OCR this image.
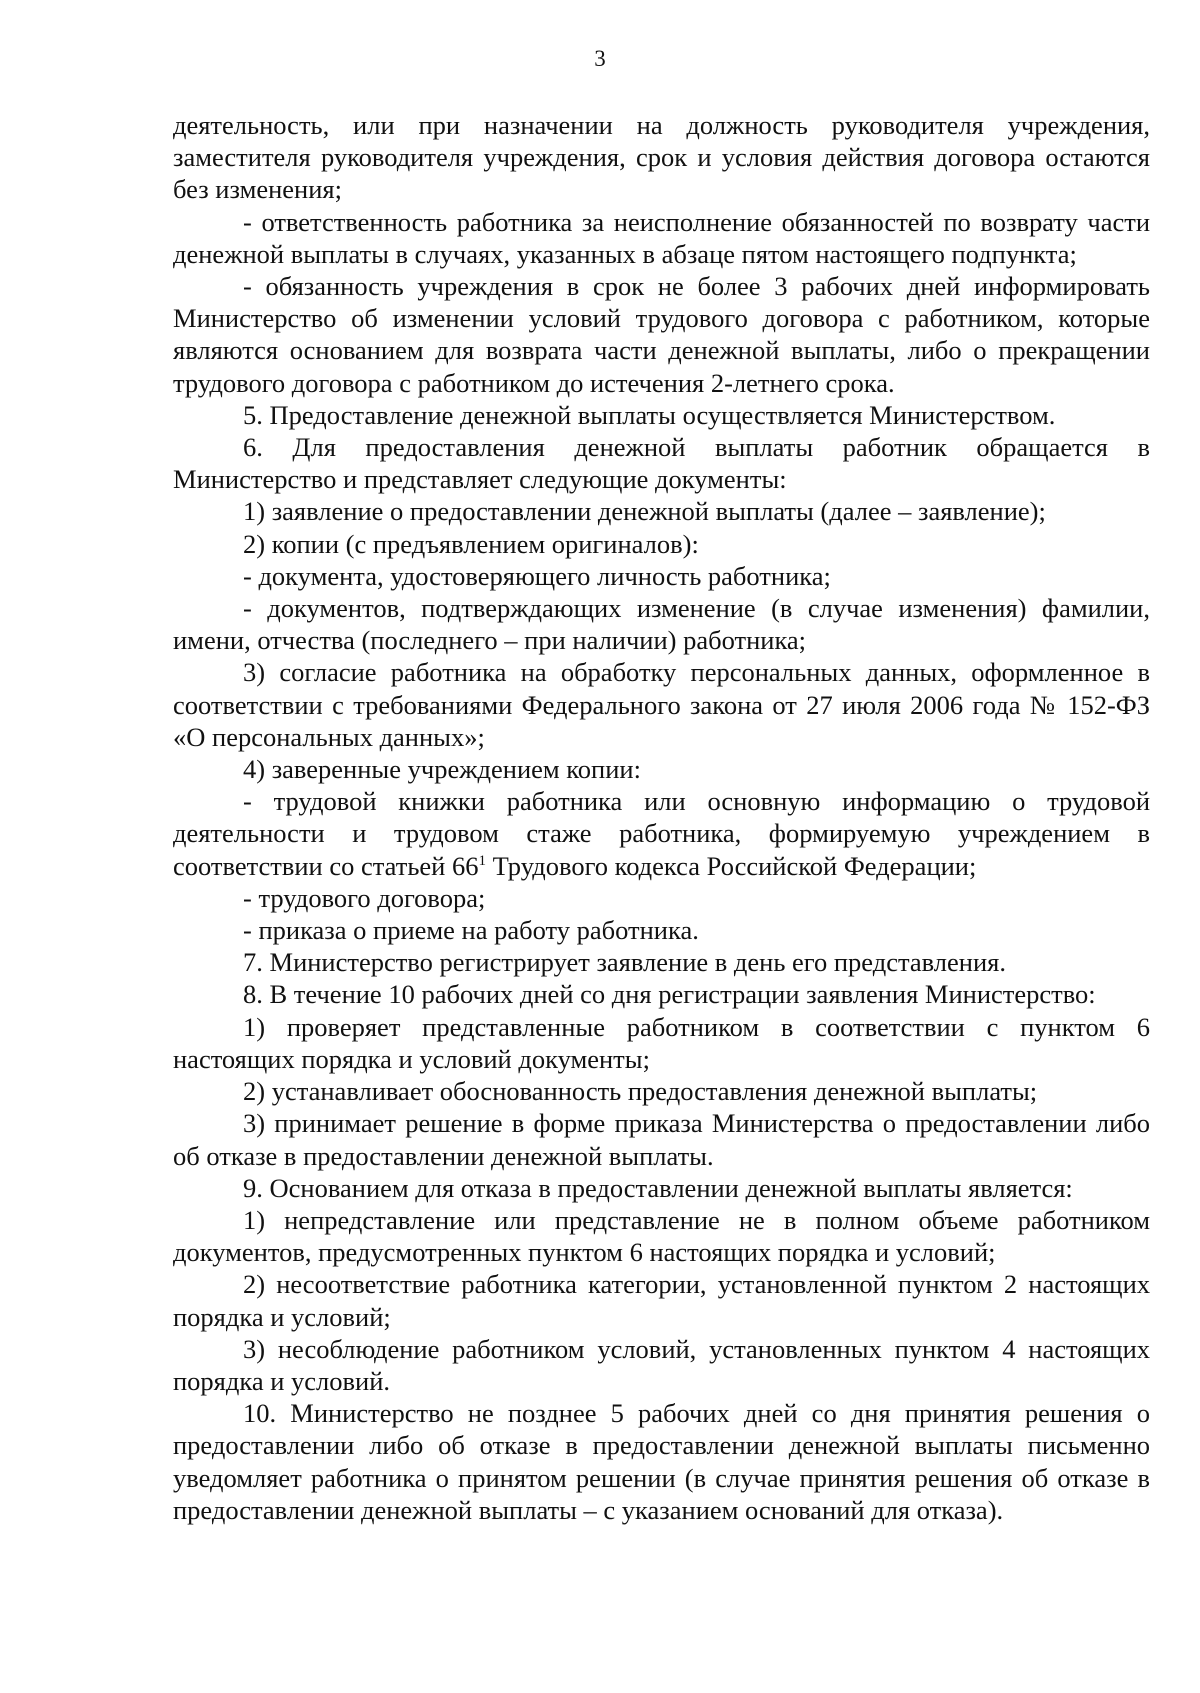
3

деятельность, или при назначении на должность руководителя учреждения, заместителя руководителя учреждения, срок и условия действия договора остаются без изменения;

- ответственность работника за неисполнение обязанностей по возврату части денежной выплаты в случаях, указанных в абзаце пятом настоящего подпункта;

- обязанность учреждения в срок не более 3 рабочих дней информировать Министерство об изменении условий трудового договора с работником, которые являются основанием для возврата части денежной выплаты, либо о прекращении трудового договора с работником до истечения 2-летнего срока.

5. Предоставление денежной выплаты осуществляется Министерством.

6. Для предоставления денежной выплаты работник обращается в Министерство и представляет следующие документы:

1) заявление о предоставлении денежной выплаты (далее – заявление);

2) копии (с предъявлением оригиналов):

- документа, удостоверяющего личность работника;

- документов, подтверждающих изменение (в случае изменения) фамилии, имени, отчества (последнего – при наличии) работника;

3) согласие работника на обработку персональных данных, оформленное в соответствии с требованиями Федерального закона от 27 июля 2006 года № 152-ФЗ «О персональных данных»;

4) заверенные учреждением копии:

- трудовой книжки работника или основную информацию о трудовой деятельности и трудовом стаже работника, формируемую учреждением в соответствии со статьей $66^1$ Трудового кодекса Российской Федерации;

- трудового договора;

- приказа о приеме на работу работника.

7. Министерство регистрирует заявление в день его представления.

8. В течение 10 рабочих дней со дня регистрации заявления Министерство:

1) проверяет представленные работником в соответствии с пунктом 6 настоящих порядка и условий документы;

2) устанавливает обоснованность предоставления денежной выплаты;

3) принимает решение в форме приказа Министерства о предоставлении либо об отказе в предоставлении денежной выплаты.

9. Основанием для отказа в предоставлении денежной выплаты является:

1) непредставление или представление не в полном объеме работником документов, предусмотренных пунктом 6 настоящих порядка и условий;

2) несоответствие работника категории, установленной пунктом 2 настоящих порядка и условий;

3) несоблюдение работником условий, установленных пунктом 4 настоящих порядка и условий.

10. Министерство не позднее 5 рабочих дней со дня принятия решения о предоставлении либо об отказе в предоставлении денежной выплаты письменно уведомляет работника о принятом решении (в случае принятия решения об отказе в предоставлении денежной выплаты – с указанием оснований для отказа).
